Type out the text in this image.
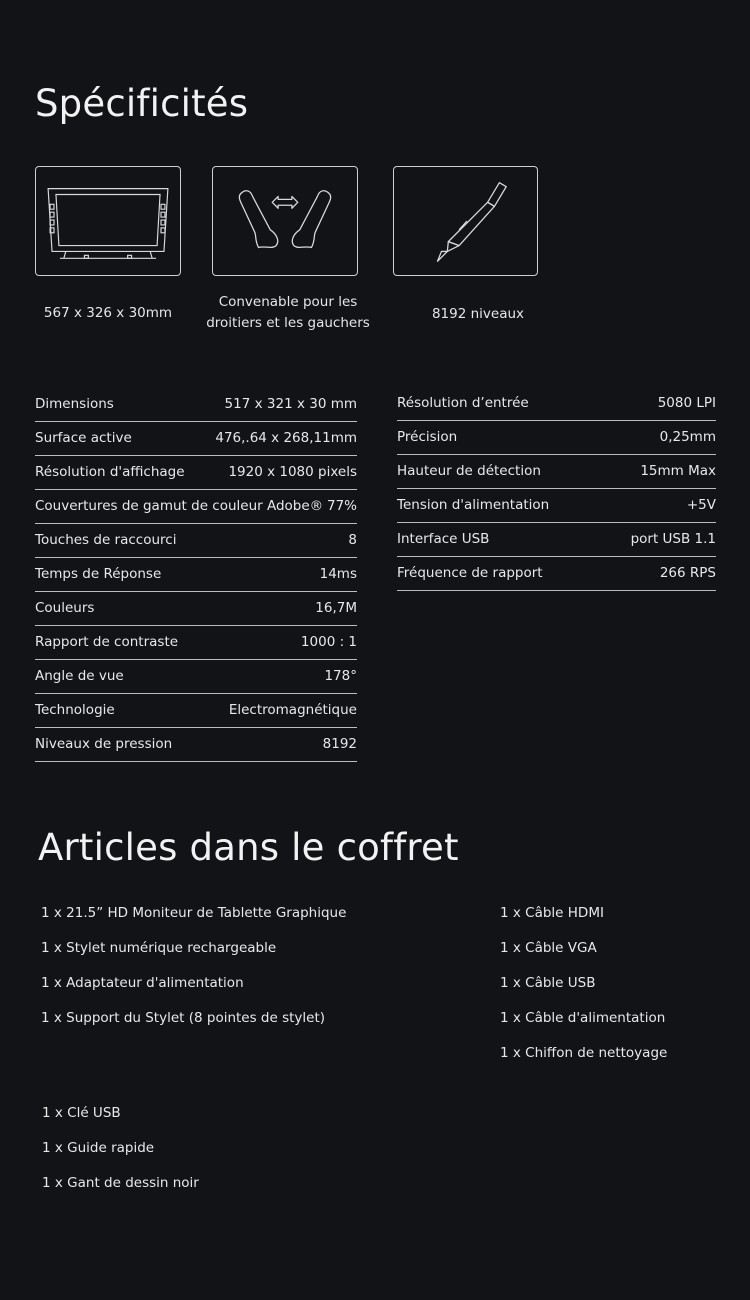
Spécificités
567 x 326 x 30mm
Convenable pour les
droitiers et les gauchers
8192 niveaux
Dimensions	517 x 321 x 30 mm
Surface active	476,.64 x 268,11mm
Résolution d'affichage	1920 x 1080 pixels
Couvertures de gamut de couleur Adobe® 77%
Touches de raccourci	8
Temps de Réponse	14ms
Couleurs	16,7M
Rapport de contraste	1000 : 1
Angle de vue	178°
Technologie	Electromagnétique
Niveaux de pression	8192
Résolution d’entrée	5080 LPI
Précision	0,25mm
Hauteur de détection	15mm Max
Tension d'alimentation	+5V
Interface USB	port USB 1.1
Fréquence de rapport	266 RPS
Articles dans le coffret
1 x 21.5” HD Moniteur de Tablette Graphique
1 x Stylet numérique rechargeable
1 x Adaptateur d'alimentation
1 x Support du Stylet (8 pointes de stylet)
1 x Câble HDMI
1 x Câble VGA
1 x Câble USB
1 x Câble d'alimentation
1 x Chiffon de nettoyage
1 x Clé USB
1 x Guide rapide
1 x Gant de dessin noir
